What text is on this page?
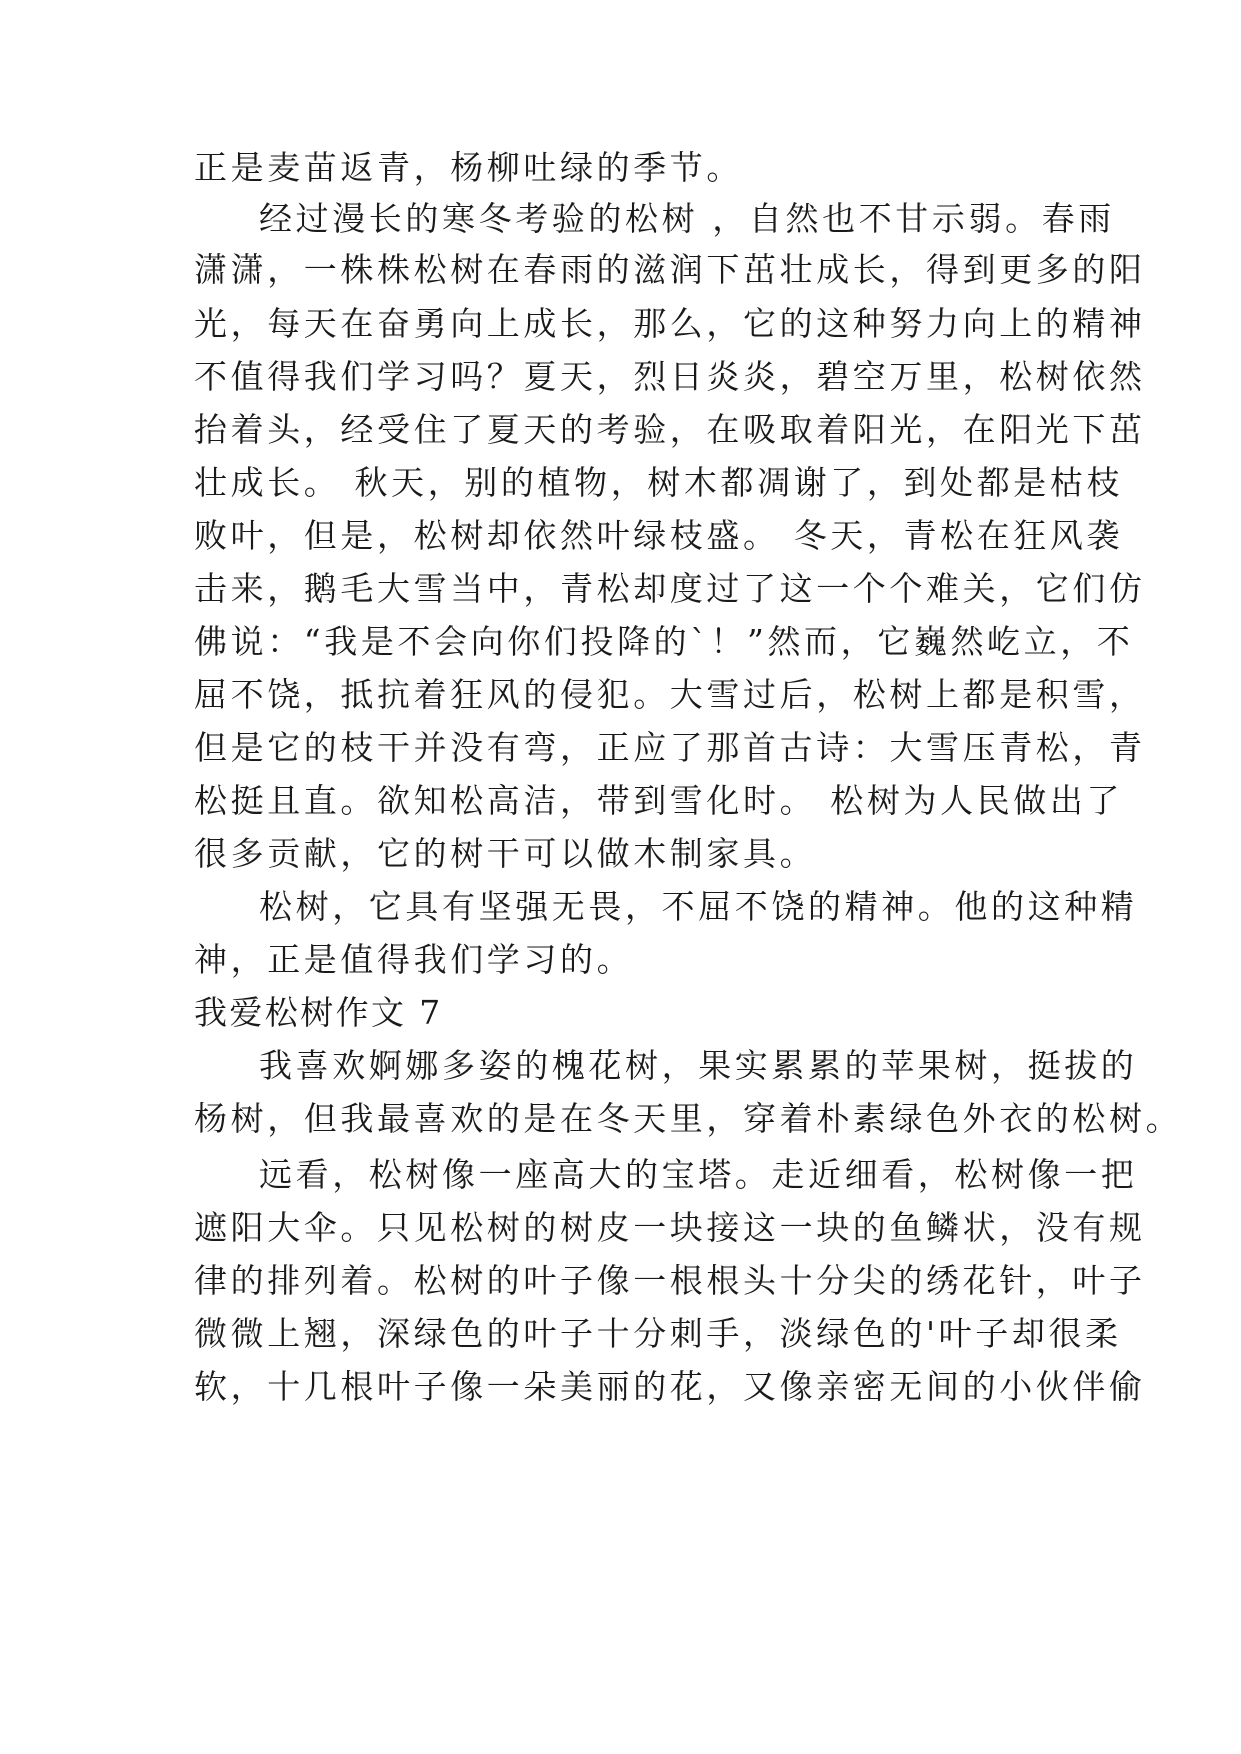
正是麦苗返青，杨柳吐绿的季节。
经过漫长的寒冬考验的松树 ，自然也不甘示弱。春雨
潇潇，一株株松树在春雨的滋润下茁壮成长，得到更多的阳
光，每天在奋勇向上成长，那么，它的这种努力向上的精神
不值得我们学习吗？夏天，烈日炎炎，碧空万里，松树依然
抬着头，经受住了夏天的考验，在吸取着阳光，在阳光下茁
壮成长。 秋天，别的植物，树木都凋谢了，到处都是枯枝
败叶，但是，松树却依然叶绿枝盛。 冬天，青松在狂风袭
击来，鹅毛大雪当中，青松却度过了这一个个难关，它们仿
佛说：“我是不会向你们投降的`！”然而，它巍然屹立，不
屈不饶，抵抗着狂风的侵犯。大雪过后，松树上都是积雪，
但是它的枝干并没有弯，正应了那首古诗：大雪压青松，青
松挺且直。欲知松高洁，带到雪化时。 松树为人民做出了
很多贡献，它的树干可以做木制家具。
松树，它具有坚强无畏，不屈不饶的精神。他的这种精
神，正是值得我们学习的。
我爱松树作文 7
我喜欢婀娜多姿的槐花树，果实累累的苹果树，挺拔的
杨树，但我最喜欢的是在冬天里，穿着朴素绿色外衣的松树。
远看，松树像一座高大的宝塔。走近细看，松树像一把
遮阳大伞。只见松树的树皮一块接这一块的鱼鳞状，没有规
律的排列着。松树的叶子像一根根头十分尖的绣花针，叶子
微微上翘，深绿色的叶子十分刺手，淡绿色的'叶子却很柔
软，十几根叶子像一朵美丽的花，又像亲密无间的小伙伴偷
